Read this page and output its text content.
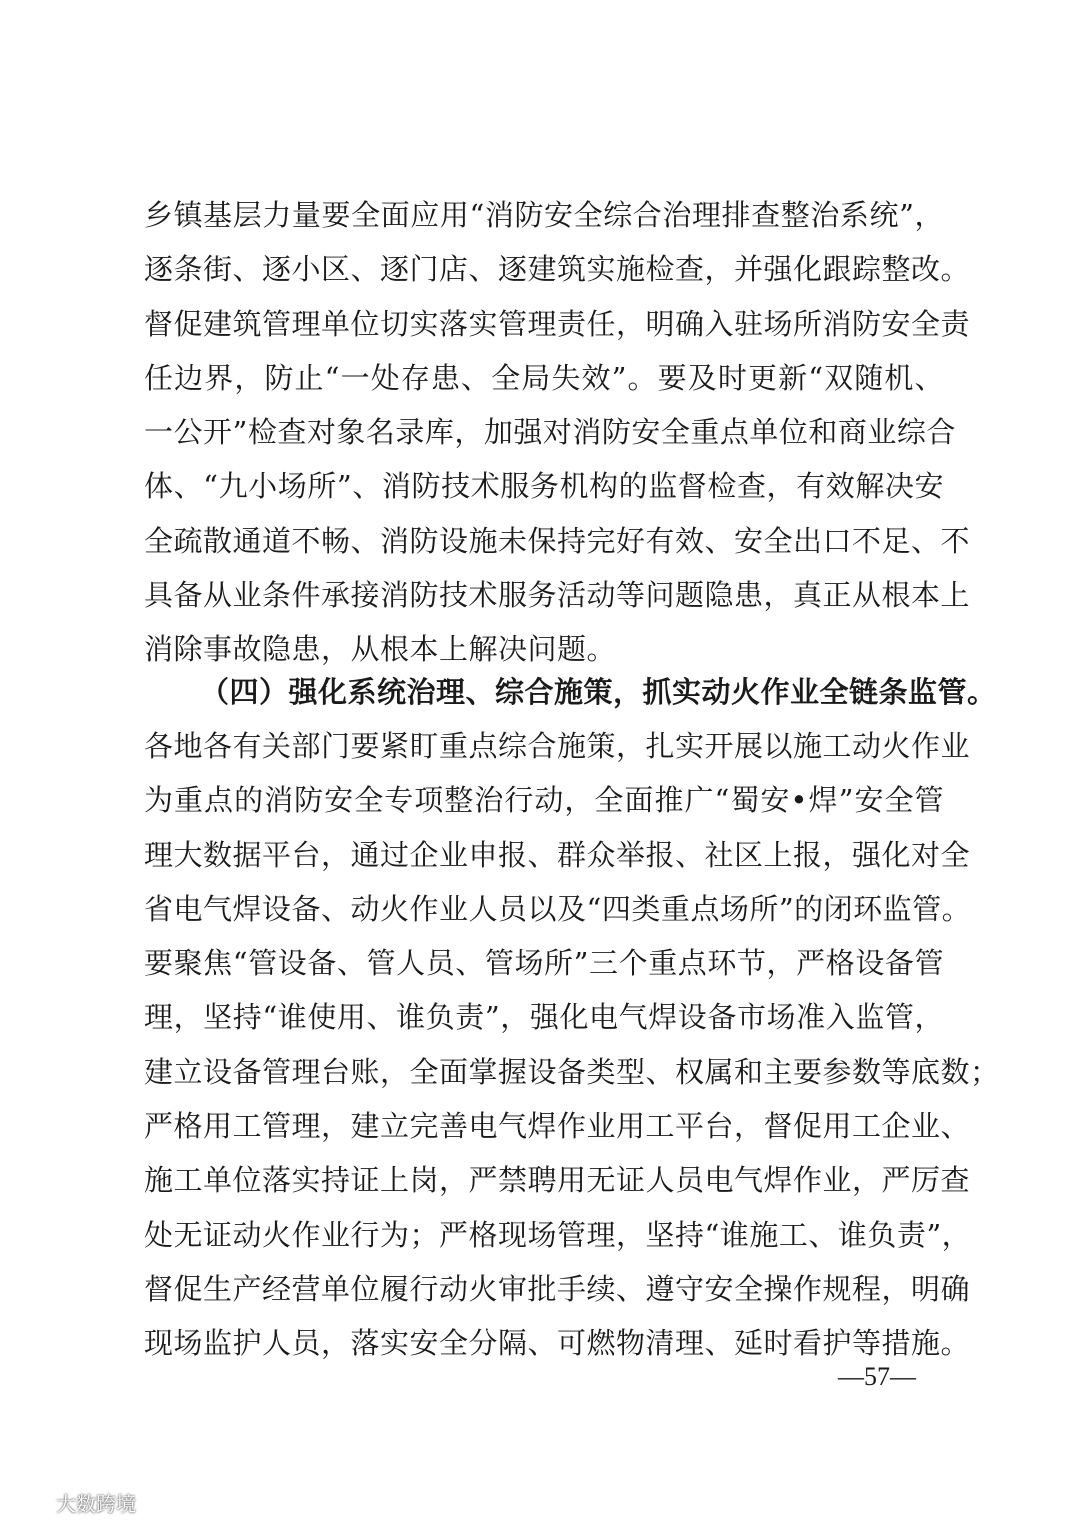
乡镇基层力量要全面应用“消防安全综合治理排查整治系统”，
逐条街、逐小区、逐门店、逐建筑实施检查，并强化跟踪整改。
督促建筑管理单位切实落实管理责任，明确入驻场所消防安全责
任边界，防止“一处存患、全局失效”。要及时更新“双随机、
一公开”检查对象名录库，加强对消防安全重点单位和商业综合
体、“九小场所”、消防技术服务机构的监督检查，有效解决安
全疏散通道不畅、消防设施未保持完好有效、安全出口不足、不
具备从业条件承接消防技术服务活动等问题隐患，真正从根本上
消除事故隐患，从根本上解决问题。
（四）强化系统治理、综合施策，抓实动火作业全链条监管。
各地各有关部门要紧盯重点综合施策，扎实开展以施工动火作业
为重点的消防安全专项整治行动，全面推广“蜀安•焊”安全管
理大数据平台，通过企业申报、群众举报、社区上报，强化对全
省电气焊设备、动火作业人员以及“四类重点场所”的闭环监管。
要聚焦“管设备、管人员、管场所”三个重点环节，严格设备管
理，坚持“谁使用、谁负责”，强化电气焊设备市场准入监管，
建立设备管理台账，全面掌握设备类型、权属和主要参数等底数；
严格用工管理，建立完善电气焊作业用工平台，督促用工企业、
施工单位落实持证上岗，严禁聘用无证人员电气焊作业，严厉查
处无证动火作业行为；严格现场管理，坚持“谁施工、谁负责”，
督促生产经营单位履行动火审批手续、遵守安全操作规程，明确
现场监护人员，落实安全分隔、可燃物清理、延时看护等措施。
—57—
大数跨境
